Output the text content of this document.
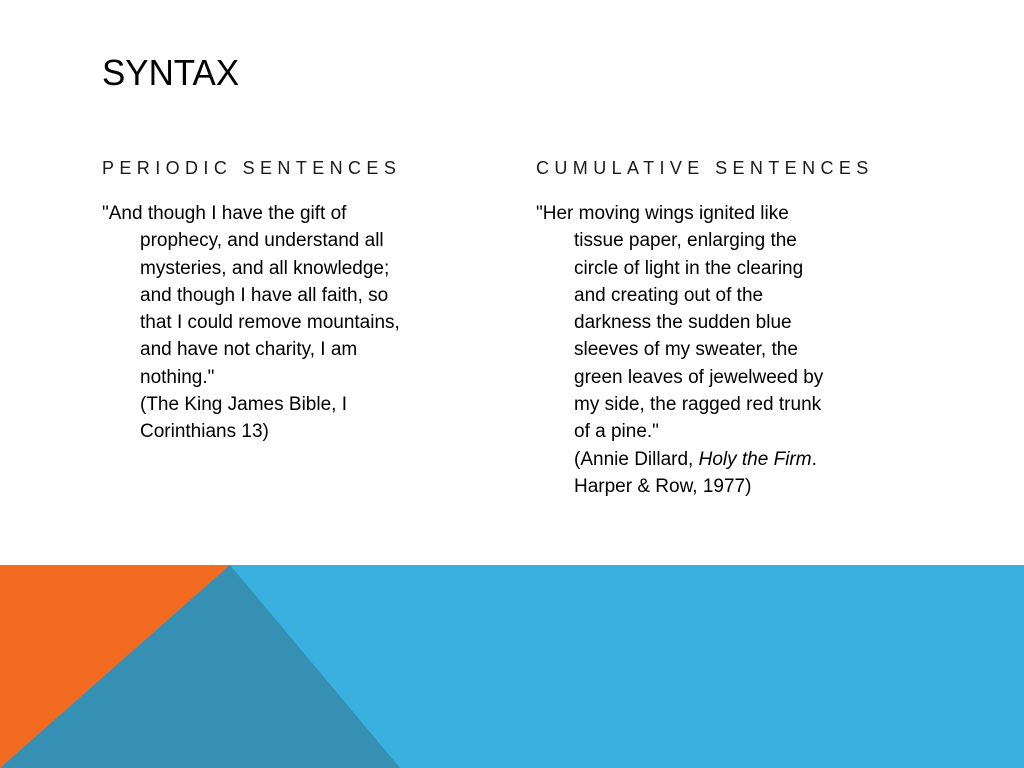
SYNTAX

PERIODIC SENTENCES

"And though I have the gift of
prophecy, and understand all
mysteries, and all knowledge;
and though I have all faith, so
that I could remove mountains,
and have not charity, I am
nothing."
(The King James Bible, I
Corinthians 13)

CUMULATIVE SENTENCES

"Her moving wings ignited like
tissue paper, enlarging the
circle of light in the clearing
and creating out of the
darkness the sudden blue
sleeves of my sweater, the
green leaves of jewelweed by
my side, the ragged red trunk
of a pine."
(Annie Dillard, Holy the Firm.
Harper & Row, 1977)
